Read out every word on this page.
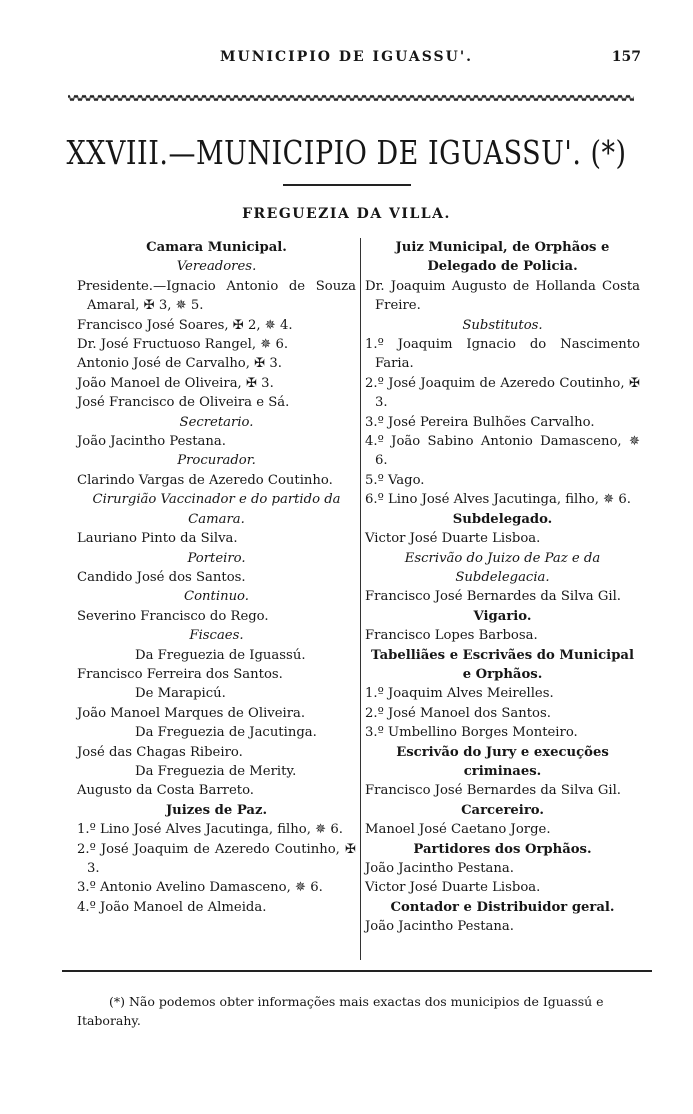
MUNICIPIO DE IGUASSU'.	157
XXVIII.—MUNICIPIO DE IGUASSU'. (*)
FREGUEZIA DA VILLA.
Camara Municipal.
Vereadores.
Presidente.—Ignacio Antonio de Souza Amaral, ✠ 3, ✵ 5.
Francisco José Soares, ✠ 2, ✵ 4.
Dr. José Fructuoso Rangel, ✵ 6.
Antonio José de Carvalho, ✠ 3.
João Manoel de Oliveira, ✠ 3.
José Francisco de Oliveira e Sá.
Secretario.
João Jacintho Pestana.
Procurador.
Clarindo Vargas de Azeredo Coutinho.
Cirurgião Vaccinador e do partido da Camara.
Lauriano Pinto da Silva.
Porteiro.
Candido José dos Santos.
Continuo.
Severino Francisco do Rego.
Fiscaes.
Da Freguezia de Iguassú.
Francisco Ferreira dos Santos.
De Marapicú.
João Manoel Marques de Oliveira.
Da Freguezia de Jacutinga.
José das Chagas Ribeiro.
Da Freguezia de Merity.
Augusto da Costa Barreto.
Juizes de Paz.
1.º Lino José Alves Jacutinga, filho, ✵ 6.
2.º José Joaquim de Azeredo Coutinho, ✠ 3.
3.º Antonio Avelino Damasceno, ✵ 6.
4.º João Manoel de Almeida.
Juiz Municipal, de Orphãos e Delegado de Policia.
Dr. Joaquim Augusto de Hollanda Costa Freire.
Substitutos.
1.º Joaquim Ignacio do Nascimento Faria.
2.º José Joaquim de Azeredo Coutinho, ✠ 3.
3.º José Pereira Bulhões Carvalho.
4.º João Sabino Antonio Damasceno, ✵ 6.
5.º Vago.
6.º Lino José Alves Jacutinga, filho, ✵ 6.
Subdelegado.
Victor José Duarte Lisboa.
Escrivão do Juizo de Paz e da Subdelegacia.
Francisco José Bernardes da Silva Gil.
Vigario.
Francisco Lopes Barbosa.
Tabelliães e Escrivães do Municipal e Orphãos.
1.º Joaquim Alves Meirelles.
2.º José Manoel dos Santos.
3.º Umbellino Borges Monteiro.
Escrivão do Jury e execuções criminaes.
Francisco José Bernardes da Silva Gil.
Carcereiro.
Manoel José Caetano Jorge.
Partidores dos Orphãos.
João Jacintho Pestana.
Victor José Duarte Lisboa.
Contador e Distribuidor geral.
João Jacintho Pestana.
(*) Não podemos obter informações mais exactas dos municipios de Iguassú e Itaborahy.
